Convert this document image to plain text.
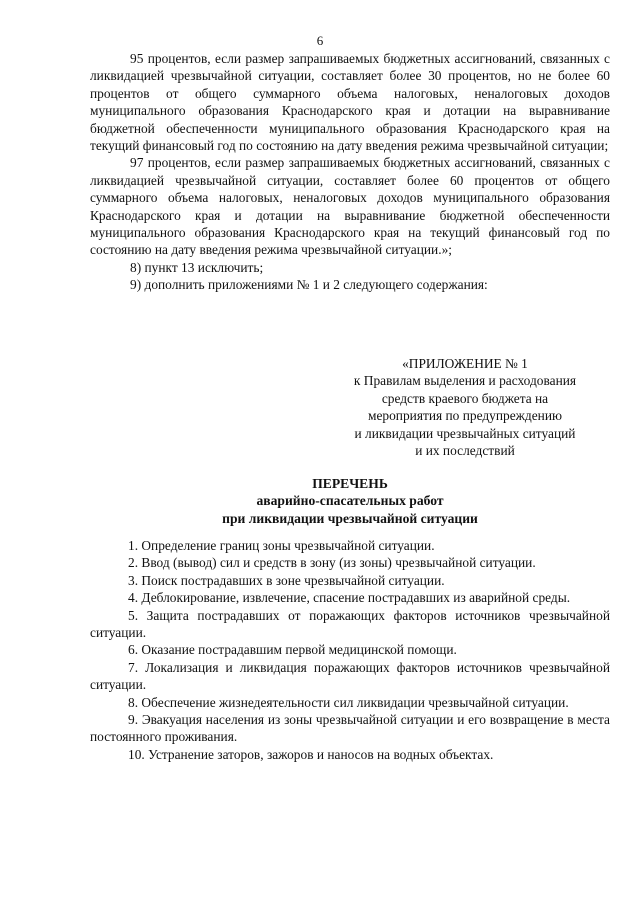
6

95 процентов, если размер запрашиваемых бюджетных ассигнований, связанных с ликвидацией чрезвычайной ситуации, составляет более 30 процентов, но не более 60 процентов от общего суммарного объема налоговых, неналоговых доходов муниципального образования Краснодарского края и дотации на выравнивание бюджетной обеспеченности муниципального образования Краснодарского края на текущий финансовый год по состоянию на дату введения режима чрезвычайной ситуации;

97 процентов, если размер запрашиваемых бюджетных ассигнований, связанных с ликвидацией чрезвычайной ситуации, составляет более 60 процентов от общего суммарного объема налоговых, неналоговых доходов муниципального образования Краснодарского края и дотации на выравнивание бюджетной обеспеченности муниципального образования Краснодарского края на текущий финансовый год по состоянию на дату введения режима чрезвычайной ситуации.»;

8) пункт 13 исключить;

9) дополнить приложениями № 1 и 2 следующего содержания:

«ПРИЛОЖЕНИЕ № 1
к Правилам выделения и расходования
средств краевого бюджета на
мероприятия по предупреждению
и ликвидации чрезвычайных ситуаций
и их последствий
ПЕРЕЧЕНЬ
аварийно-спасательных работ
при ликвидации чрезвычайной ситуации

1. Определение границ зоны чрезвычайной ситуации.

2. Ввод (вывод) сил и средств в зону (из зоны) чрезвычайной ситуации.

3. Поиск пострадавших в зоне чрезвычайной ситуации.

4. Деблокирование, извлечение, спасение пострадавших из аварийной среды.

5. Защита пострадавших от поражающих факторов источников чрезвычайной ситуации.

6. Оказание пострадавшим первой медицинской помощи.

7. Локализация и ликвидация поражающих факторов источников чрезвычайной ситуации.

8. Обеспечение жизнедеятельности сил ликвидации чрезвычайной ситуации.

9. Эвакуация населения из зоны чрезвычайной ситуации и его возвращение в места постоянного проживания.

10. Устранение заторов, зажоров и наносов на водных объектах.
